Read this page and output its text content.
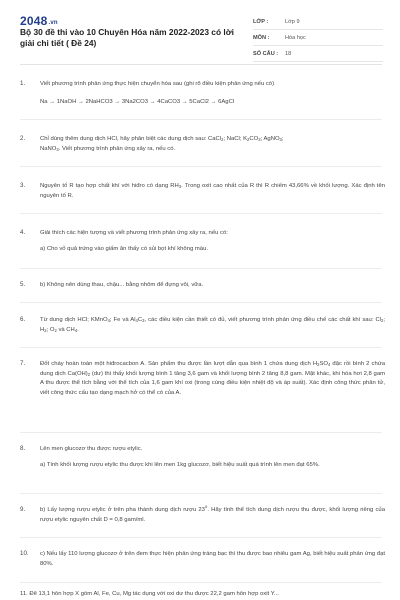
2048.vn
Bộ 30 đề thi vào 10 Chuyên Hóa năm 2022-2023 có lời giải chi tiết ( Đề 24)
LỚP :	Lớp 9
MÔN :	Hóa học
SỐ CÂU :	18
1.	Viết phương trình phản ứng thực hiện chuyển hóa sau (ghi rõ điều kiện phản ứng nếu có)

Na → 1NaOH → 2NaHCO3 → 3Na2CO3 → 4CaCO3 → 5CaCl2 → 6AgCl

2.	Chỉ dùng thêm dung dịch HCl, hãy phân biệt các dung dịch sau: CaCl$_2$; NaCl; $K_2CO_3$; AgNO$_3$;
NaNO$_3$. Viết phương trình phản ứng xảy ra, nếu có.

3.	Nguyên tố R tạo hợp chất khí với hiđro có dạng $RH_3$. Trong oxit cao nhất của R thì R chiếm 43,66% về khối lượng. Xác định tên nguyên tố R.

4.	Giải thích các hiện tượng và viết phương trình phản ứng xảy ra, nếu có:

a) Cho vỏ quả trứng vào giấm ăn thấy có sủi bọt khí không màu.

5.	b) Không nên dùng thau, chậu... bằng nhôm để đựng vôi, vữa.

6.	Từ dung dịch HCl; KMnO$_4$; Fe và $Al_4C_3$, các điều kiện cần thiết có đủ, viết phương trình phản ứng điều chế các chất khí sau: $Cl_2$; $H_2$; $O_2$ và $CH_4$.

7.	Đốt cháy hoàn toàn một hiđrocacbon A. Sản phẩm thu được lần lượt dẫn qua bình 1 chứa dung dịch $H_2SO_4$ đặc rồi bình 2 chứa dung dịch $Ca(OH)_2$ (dư) thì thấy khối lượng bình 1 tăng 3,6 gam và khối lượng bình 2 tăng 8,8 gam. Mặt khác, khi hóa hơi 2,8 gam A thu được thể tích bằng với thể tích của 1,6 gam khí oxi (trong cùng điều kiện nhiệt độ và áp suất). Xác định công thức phân tử, viết công thức cấu tạo dạng mạch hở có thể có của A.

8.	Lên men glucozơ thu được rượu etylic.

a) Tính khối lượng rượu etylic thu được khi lên men 1kg glucozơ, biết hiệu suất quá trình lên men đạt 65%.

9.	b) Lấy lượng rượu etylic ở trên pha thành dung dịch rượu 23$^o$. Hãy tính thể tích dung dịch rượu thu được, khối lượng riêng của rượu etylic nguyên chất D = 0,8 gam/ml.

10. c) Nếu lấy 110 lượng glucozơ ở trên đem thực hiện phản ứng tráng bạc thì thu được bao nhiêu gam Ag, biết hiệu suất phản ứng đạt 80%.

11. Để 13,1 hỗn hợp X gồm Al, Fe, Cu, Mg tác dụng với oxi dư thu được 22,2 gam hỗn hợp oxit Y...
